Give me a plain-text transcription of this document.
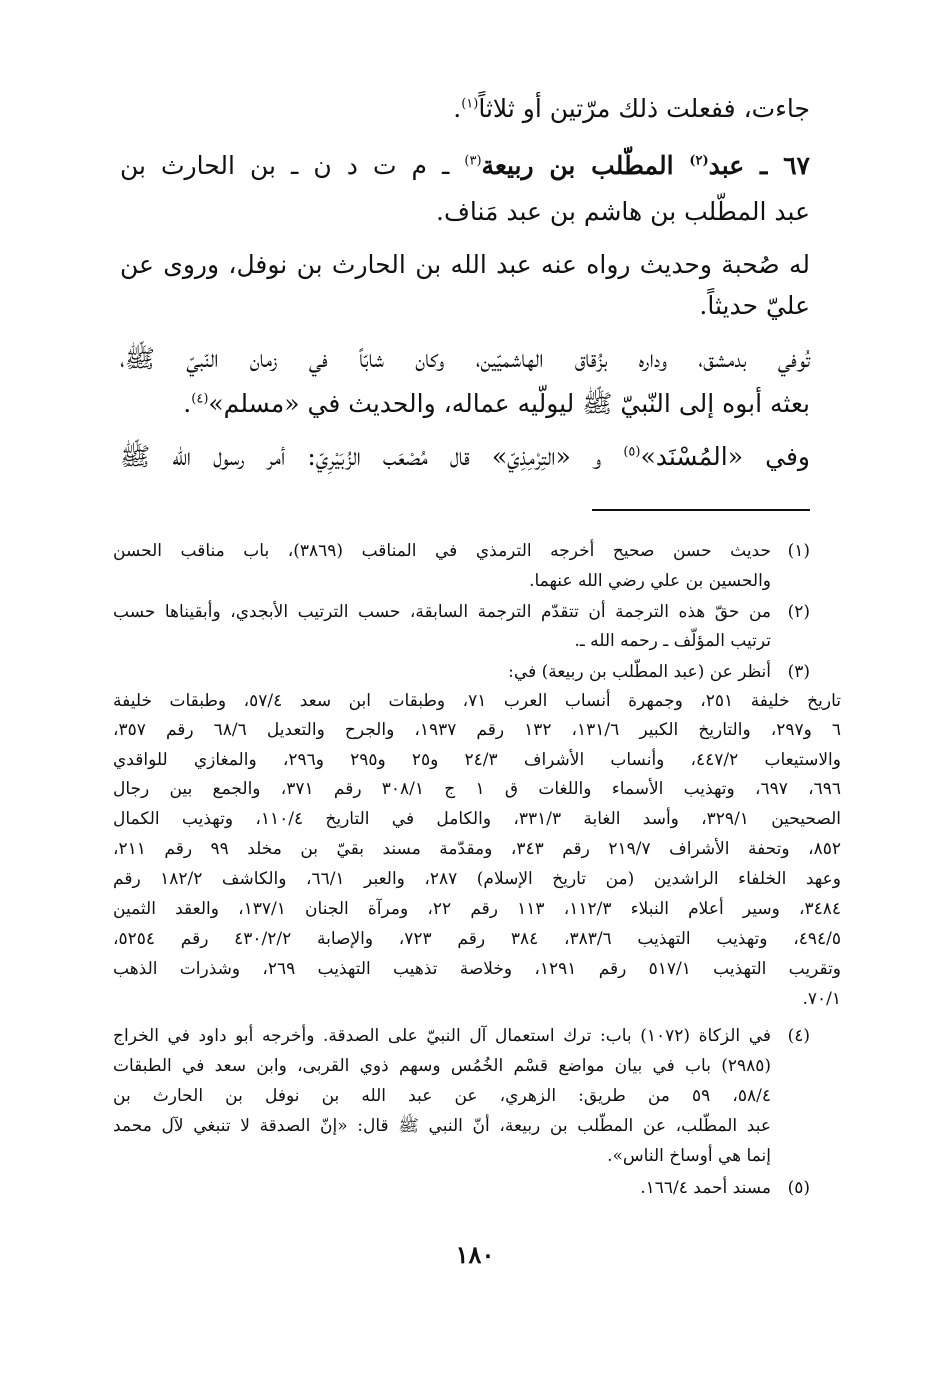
جاءت، ففعلت ذلك مرّتين أو ثلاثاً$^{(١)}$.
٦٧ ـ عبد$^{(٢)}$ المطّلب بن ربيعة$^{(٣)}$ ـ م ت د ن ـ بن الحارث بن
عبد المطّلب بن هاشم بن عبد مَناف.
له صُحبة وحديث رواه عنه عبد الله بن الحارث بن نوفل، وروى عن
عليّ حديثاً.
تُوفي بدمشق، وداره بزُقاق الهاشميّين، وكان شابّاً في زمان النّبيّ ﷺ،
بعثه أبوه إلى النّبيّ ﷺ ليولّيه عماله، والحديث في «مسلم»$^{(٤)}$.
وفي «المُسْنَد»$^{(٥)}$ و «التِرْمِذِيّ» قال مُصْعَب الزُبَيْرِيّ: أمر رسول الله ﷺ
(١)
حديث حسن صحيح أخرجه الترمذي في المناقب (٣٨٦٩)، باب مناقب الحسن
والحسين بن علي رضي الله عنهما.
(٢)
من حقّ هذه الترجمة أن تتقدّم الترجمة السابقة، حسب الترتيب الأبجدي، وأبقيناها حسب
ترتيب المؤلّف ـ رحمه الله ـ.
(٣)
أنظر عن (عبد المطّلب بن ربيعة) في:
تاريخ خليفة ٢٥١، وجمهرة أنساب العرب ٧١، وطبقات ابن سعد ٥٧/٤، وطبقات خليفة
٦ و٢٩٧، والتاريخ الكبير ١٣١/٦، ١٣٢ رقم ١٩٣٧، والجرح والتعديل ٦٨/٦ رقم ٣٥٧،
والاستيعاب ٤٤٧/٢، وأنساب الأشراف ٢٤/٣ و٢٥ و٢٩٥ و٢٩٦، والمغازي للواقدي
٦٩٦، ٦٩٧، وتهذيب الأسماء واللغات ق ١ ج ٣٠٨/١ رقم ٣٧١، والجمع بين رجال
الصحيحين ٣٢٩/١، وأسد الغابة ٣٣١/٣، والكامل في التاريخ ١١٠/٤، وتهذيب الكمال
٨٥٢، وتحفة الأشراف ٢١٩/٧ رقم ٣٤٣، ومقدّمة مسند بقيّ بن مخلد ٩٩ رقم ٢١١،
وعهد الخلفاء الراشدين (من تاريخ الإسلام) ٢٨٧، والعبر ٦٦/١، والكاشف ١٨٢/٢ رقم
٣٤٨٤، وسير أعلام النبلاء ١١٢/٣، ١١٣ رقم ٢٢، ومرآة الجنان ١٣٧/١، والعقد الثمين
٤٩٤/٥، وتهذيب التهذيب ٣٨٣/٦، ٣٨٤ رقم ٧٢٣، والإصابة ٤٣٠/٢/٢ رقم ٥٢٥٤،
وتقريب التهذيب ٥١٧/١ رقم ١٢٩١، وخلاصة تذهيب التهذيب ٢٦٩، وشذرات الذهب
٧٠/١.
(٤)
في الزكاة (١٠٧٢) باب: ترك استعمال آل النبيّ على الصدقة. وأخرجه أبو داود في الخراج
(٢٩٨٥) باب في بيان مواضع قسْم الخُمُس وسهم ذوي القربى، وابن سعد في الطبقات
٥٨/٤، ٥٩ من طريق: الزهري، عن عبد الله بن نوفل بن الحارث بن
عبد المطّلب، عن المطّلب بن ربيعة، أنّ النبي ﷺ قال: «إنّ الصدقة لا تنبغي لآل محمد
إنما هي أوساخ الناس».
(٥)
مسند أحمد ١٦٦/٤.
١٨٠
